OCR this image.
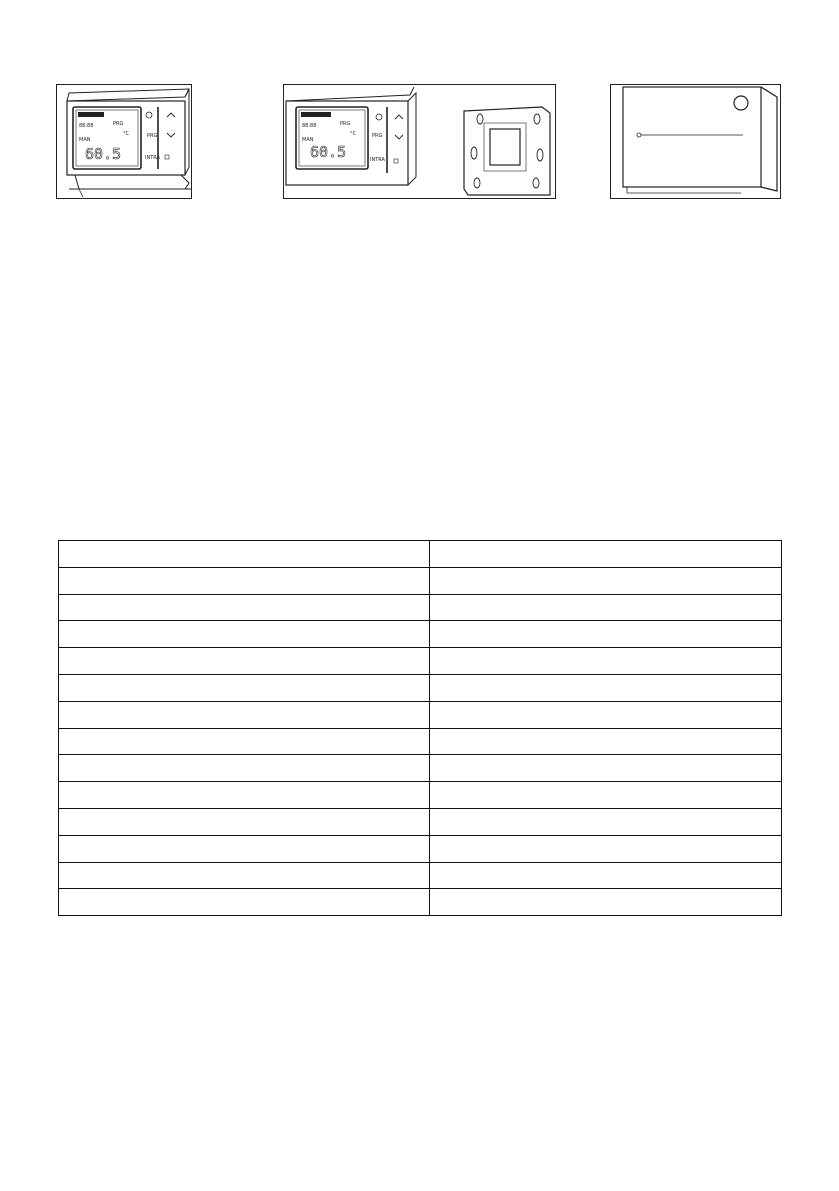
88:88	PRG
MAN
°C
60.5
PRG
INTRA
88:88	PRG
MAN
°C
60.5
PRG
INTRA
